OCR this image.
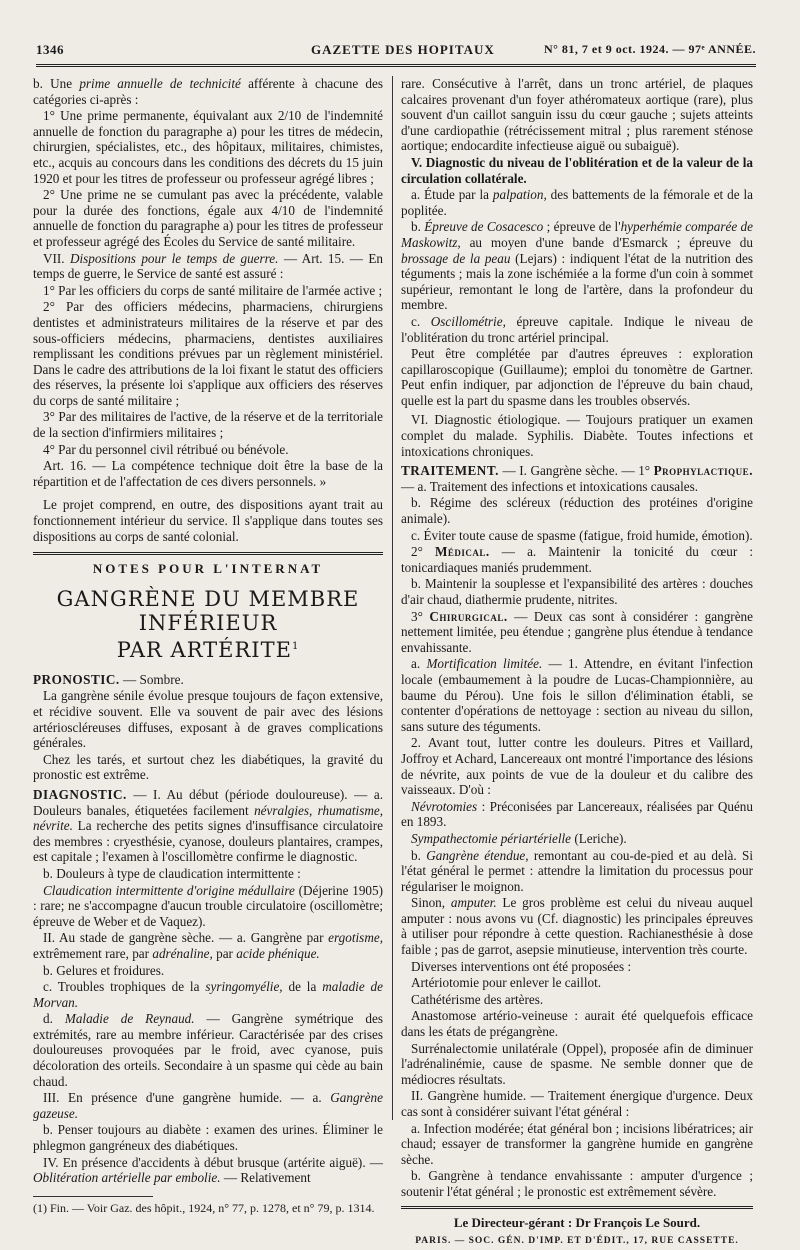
1346	GAZETTE DES HOPITAUX	N° 81, 7 et 9 oct. 1924. — 97ᵉ ANNÉE.

b. Une prime annuelle de technicité afférente à chacune des catégories ci-après :

1° Une prime permanente, équivalant aux 2/10 de l'indemnité annuelle de fonction du paragraphe a) pour les titres de médecin, chirurgien, spécialistes, etc., des hôpitaux, militaires, chimistes, etc., acquis au concours dans les conditions des décrets du 15 juin 1920 et pour les titres de professeur ou professeur agrégé libres ;

2° Une prime ne se cumulant pas avec la précédente, valable pour la durée des fonctions, égale aux 4/10 de l'indemnité annuelle de fonction du paragraphe a) pour les titres de professeur et professeur agrégé des Écoles du Service de santé militaire.

VII. Dispositions pour le temps de guerre. — Art. 15. — En temps de guerre, le Service de santé est assuré :

1° Par les officiers du corps de santé militaire de l'armée active ;

2° Par des officiers médecins, pharmaciens, chirurgiens dentistes et administrateurs militaires de la réserve et par des sous-officiers médecins, pharmaciens, dentistes auxiliaires remplissant les conditions prévues par un règlement ministériel. Dans le cadre des attributions de la loi fixant le statut des officiers des réserves, la présente loi s'applique aux officiers des réserves du corps de santé militaire ;

3° Par des militaires de l'active, de la réserve et de la territoriale de la section d'infirmiers militaires ;

4° Par du personnel civil rétribué ou bénévole.

Art. 16. — La compétence technique doit être la base de la répartition et de l'affectation de ces divers personnels. »

Le projet comprend, en outre, des dispositions ayant trait au fonctionnement intérieur du service. Il s'applique dans toutes ses dispositions au corps de santé colonial.

NOTES POUR L'INTERNAT
GANGRÈNE DU MEMBRE INFÉRIEUR
PAR ARTÉRITE$^1$

PRONOSTIC. — Sombre.

La gangrène sénile évolue presque toujours de façon extensive, et récidive souvent. Elle va souvent de pair avec des lésions artérioscléreuses diffuses, exposant à de graves complications générales.

Chez les tarés, et surtout chez les diabétiques, la gravité du pronostic est extrême.

DIAGNOSTIC. — I. Au début (période douloureuse). — a. Douleurs banales, étiquetées facilement névralgies, rhumatisme, névrite. La recherche des petits signes d'insuffisance circulatoire des membres : cryesthésie, cyanose, douleurs plantaires, crampes, est capitale ; l'examen à l'oscillomètre confirme le diagnostic.

b. Douleurs à type de claudication intermittente :

Claudication intermittente d'origine médullaire (Déjerine 1905) : rare; ne s'accompagne d'aucun trouble circulatoire (oscillomètre; épreuve de Weber et de Vaquez).

II. Au stade de gangrène sèche. — a. Gangrène par ergotisme, extrêmement rare, par adrénaline, par acide phénique.

b. Gelures et froidures.

c. Troubles trophiques de la syringomyélie, de la maladie de Morvan.

d. Maladie de Reynaud. — Gangrène symétrique des extrémités, rare au membre inférieur. Caractérisée par des crises douloureuses provoquées par le froid, avec cyanose, puis décoloration des orteils. Secondaire à un spasme qui cède au bain chaud.

III. En présence d'une gangrène humide. — a. Gangrène gazeuse.

b. Penser toujours au diabète : examen des urines. Éliminer le phlegmon gangréneux des diabétiques.

IV. En présence d'accidents à début brusque (artérite aiguë). — Oblitération artérielle par embolie. — Relativement

(1) Fin. — Voir Gaz. des hôpit., 1924, n° 77, p. 1278, et n° 79, p. 1314.

rare. Consécutive à l'arrêt, dans un tronc artériel, de plaques calcaires provenant d'un foyer athéromateux aortique (rare), plus souvent d'un caillot sanguin issu du cœur gauche ; sujets atteints d'une cardiopathie (rétrécissement mitral ; plus rarement sténose aortique; endocardite infectieuse aiguë ou subaiguë).

V. Diagnostic du niveau de l'oblitération et de la valeur de la circulation collatérale.

a. Étude par la palpation, des battements de la fémorale et de la poplitée.

b. Épreuve de Cosacesco ; épreuve de l'hyperhémie comparée de Maskowitz, au moyen d'une bande d'Esmarck ; épreuve du brossage de la peau (Lejars) : indiquent l'état de la nutrition des téguments ; mais la zone ischémiée a la forme d'un coin à sommet supérieur, remontant le long de l'artère, dans la profondeur du membre.

c. Oscillométrie, épreuve capitale. Indique le niveau de l'oblitération du tronc artériel principal.

Peut être complétée par d'autres épreuves : exploration capillaroscopique (Guillaume); emploi du tonomètre de Gartner. Peut enfin indiquer, par adjonction de l'épreuve du bain chaud, quelle est la part du spasme dans les troubles observés.

VI. Diagnostic étiologique. — Toujours pratiquer un examen complet du malade. Syphilis. Diabète. Toutes infections et intoxications chroniques.

TRAITEMENT. — I. Gangrène sèche. — 1° Prophylactique. — a. Traitement des infections et intoxications causales.

b. Régime des scléreux (réduction des protéines d'origine animale).

c. Éviter toute cause de spasme (fatigue, froid humide, émotion).

2° Médical. — a. Maintenir la tonicité du cœur : tonicardiaques maniés prudemment.

b. Maintenir la souplesse et l'expansibilité des artères : douches d'air chaud, diathermie prudente, nitrites.

3° Chirurgical. — Deux cas sont à considérer : gangrène nettement limitée, peu étendue ; gangrène plus étendue à tendance envahissante.

a. Mortification limitée. — 1. Attendre, en évitant l'infection locale (embaumement à la poudre de Lucas-Championnière, au baume du Pérou). Une fois le sillon d'élimination établi, se contenter d'opérations de nettoyage : section au niveau du sillon, sans suture des téguments.

2. Avant tout, lutter contre les douleurs. Pitres et Vaillard, Joffroy et Achard, Lancereaux ont montré l'importance des lésions de névrite, aux points de vue de la douleur et du calibre des vaisseaux. D'où :

Névrotomies : Préconisées par Lancereaux, réalisées par Quénu en 1893.

Sympathectomie périartérielle (Leriche).

b. Gangrène étendue, remontant au cou-de-pied et au delà. Si l'état général le permet : attendre la limitation du processus pour régulariser le moignon.

Sinon, amputer. Le gros problème est celui du niveau auquel amputer : nous avons vu (Cf. diagnostic) les principales épreuves à utiliser pour répondre à cette question. Rachianesthésie à dose faible ; pas de garrot, asepsie minutieuse, intervention très courte.

Diverses interventions ont été proposées :

Artériotomie pour enlever le caillot.

Cathétérisme des artères.

Anastomose artério-veineuse : aurait été quelquefois efficace dans les états de prégangrène.

Surrénalectomie unilatérale (Oppel), proposée afin de diminuer l'adrénalinémie, cause de spasme. Ne semble donner que de médiocres résultats.

II. Gangrène humide. — Traitement énergique d'urgence. Deux cas sont à considérer suivant l'état général :

a. Infection modérée; état général bon ; incisions libératrices; air chaud; essayer de transformer la gangrène humide en gangrène sèche.

b. Gangrène à tendance envahissante : amputer d'urgence ; soutenir l'état général ; le pronostic est extrêmement sévère.

Le Directeur-gérant : Dr François Le Sourd.
PARIS. — SOC. GÉN. D'IMP. ET D'ÉDIT., 17, RUE CASSETTE.
